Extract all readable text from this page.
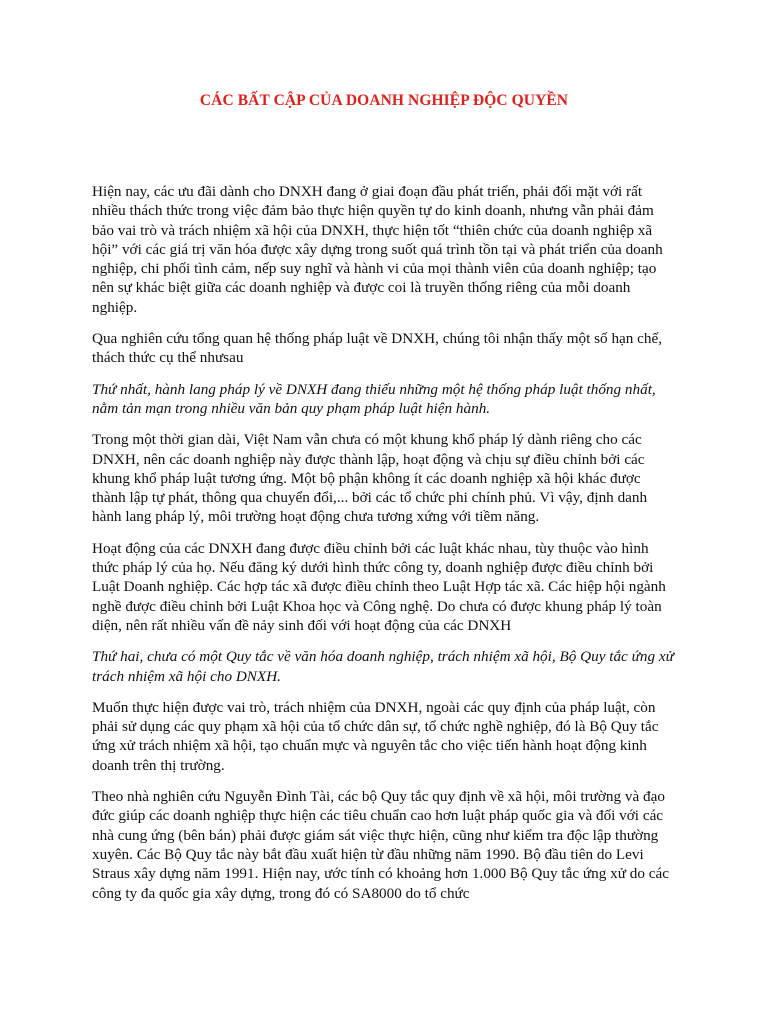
CÁC BẤT CẬP CỦA DOANH NGHIỆP ĐỘC QUYỀN

Hiện nay, các ưu đãi dành cho DNXH đang ở giai đoạn đầu phát triển, phải đối mặt với rất nhiều thách thức trong việc đảm bảo thực hiện quyền tự do kinh doanh, nhưng vẫn phải đảm bảo vai trò và trách nhiệm xã hội của DNXH, thực hiện tốt “thiên chức của doanh nghiệp xã hội” với các giá trị văn hóa được xây dựng trong suốt quá trình tồn tại và phát triển của doanh nghiệp, chi phối tình cảm, nếp suy nghĩ và hành vi của mọi thành viên của doanh nghiệp; tạo nên sự khác biệt giữa các doanh nghiệp và được coi là truyền thống riêng của mỗi doanh nghiệp.

Qua nghiên cứu tổng quan hệ thống pháp luật về DNXH, chúng tôi nhận thấy một số hạn chế, thách thức cụ thể nhưsau

Thứ nhất, hành lang pháp lý về DNXH đang thiếu những một hệ thống pháp luật thống nhất, nằm tản mạn trong nhiều văn bản quy phạm pháp luật hiện hành.

Trong một thời gian dài, Việt Nam vẫn chưa có một khung khổ pháp lý dành riêng cho các DNXH, nên các doanh nghiệp này được thành lập, hoạt động và chịu sự điều chỉnh bởi các khung khổ pháp luật tương ứng. Một bộ phận không ít các doanh nghiệp xã hội khác được thành lập tự phát, thông qua chuyển đổi,... bởi các tổ chức phi chính phủ. Vì vậy, định danh hành lang pháp lý, môi trường hoạt động chưa tương xứng với tiềm năng.

Hoạt động của các DNXH đang được điều chỉnh bởi các luật khác nhau, tùy thuộc vào hình thức pháp lý của họ. Nếu đăng ký dưới hình thức công ty, doanh nghiệp được điều chỉnh bởi Luật Doanh nghiệp. Các hợp tác xã được điều chỉnh theo Luật Hợp tác xã. Các hiệp hội ngành nghề được điều chỉnh bởi Luật Khoa học và Công nghệ. Do chưa có được khung pháp lý toàn diện, nên rất nhiều vấn đề nảy sinh đối với hoạt động của các DNXH

Thứ hai, chưa có một Quy tắc về văn hóa doanh nghiệp, trách nhiệm xã hội, Bộ Quy tắc ứng xử trách nhiệm xã hội cho DNXH.

Muốn thực hiện được vai trò, trách nhiệm của DNXH, ngoài các quy định của pháp luật, còn phải sử dụng các quy phạm xã hội của tổ chức dân sự, tổ chức nghề nghiệp, đó là Bộ Quy tắc ứng xử trách nhiệm xã hội, tạo chuẩn mực và nguyên tắc cho việc tiến hành hoạt động kinh doanh trên thị trường.

Theo nhà nghiên cứu Nguyễn Đình Tài, các bộ Quy tắc quy định về xã hội, môi trường và đạo đức giúp các doanh nghiệp thực hiện các tiêu chuẩn cao hơn luật pháp quốc gia và đối với các nhà cung ứng (bên bán) phải được giám sát việc thực hiện, cũng như kiểm tra độc lập thường xuyên. Các Bộ Quy tắc này bắt đầu xuất hiện từ đầu những năm 1990. Bộ đầu tiên do Levi Straus xây dựng năm 1991. Hiện nay, ước tính có khoảng hơn 1.000 Bộ Quy tắc ứng xử do các công ty đa quốc gia xây dựng, trong đó có SA8000 do tổ chức
